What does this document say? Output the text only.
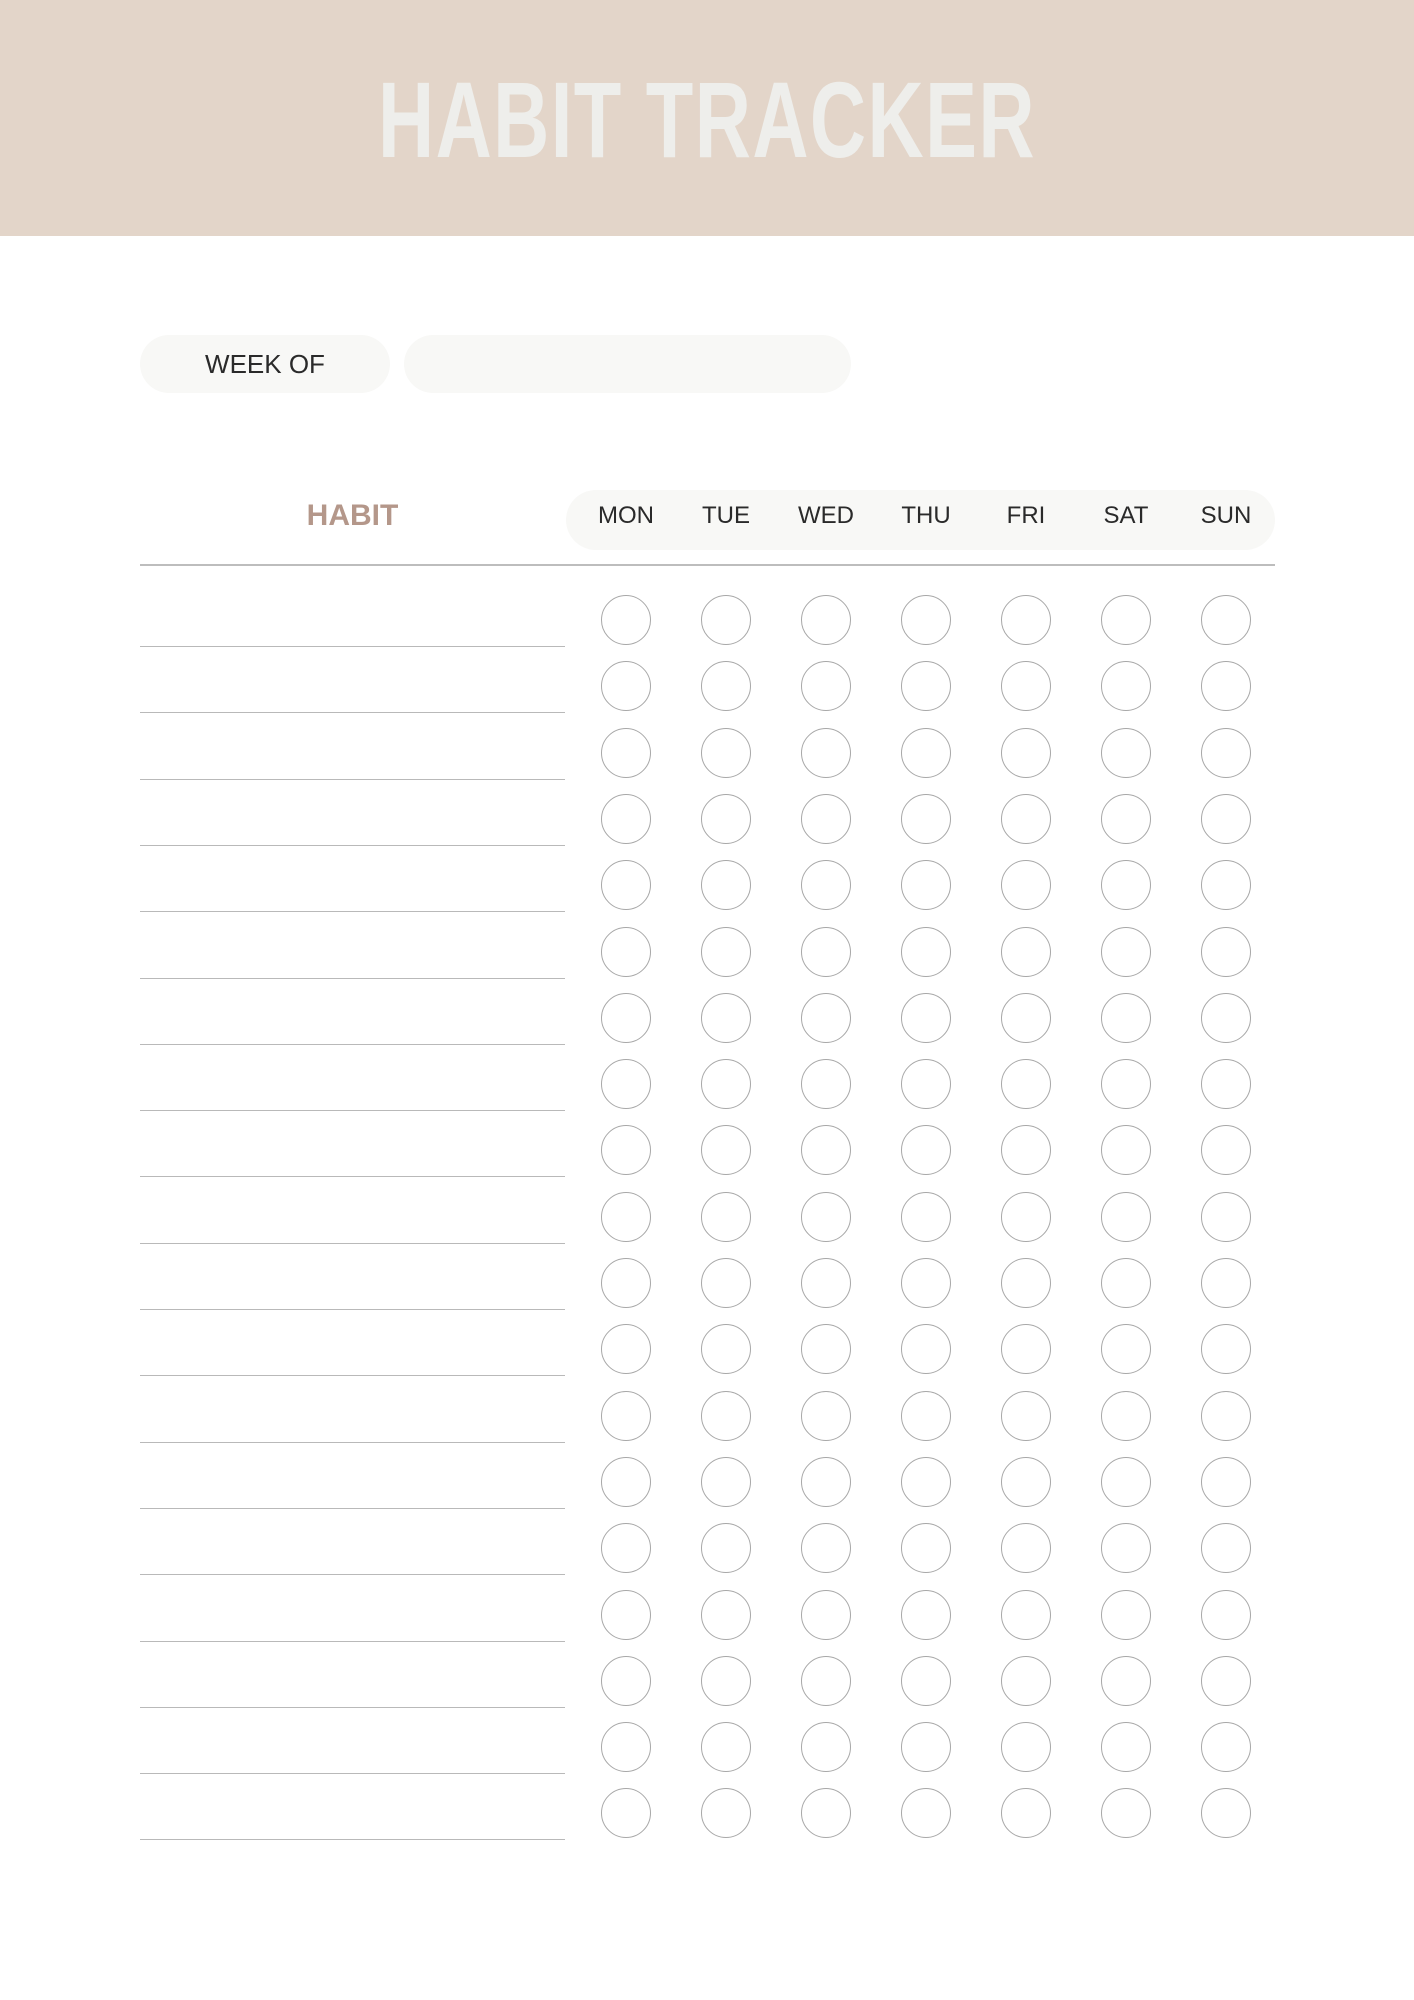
HABIT TRACKER
WEEK OF
HABIT	MON	TUE	WED	THU	FRI	SAT	SUN
